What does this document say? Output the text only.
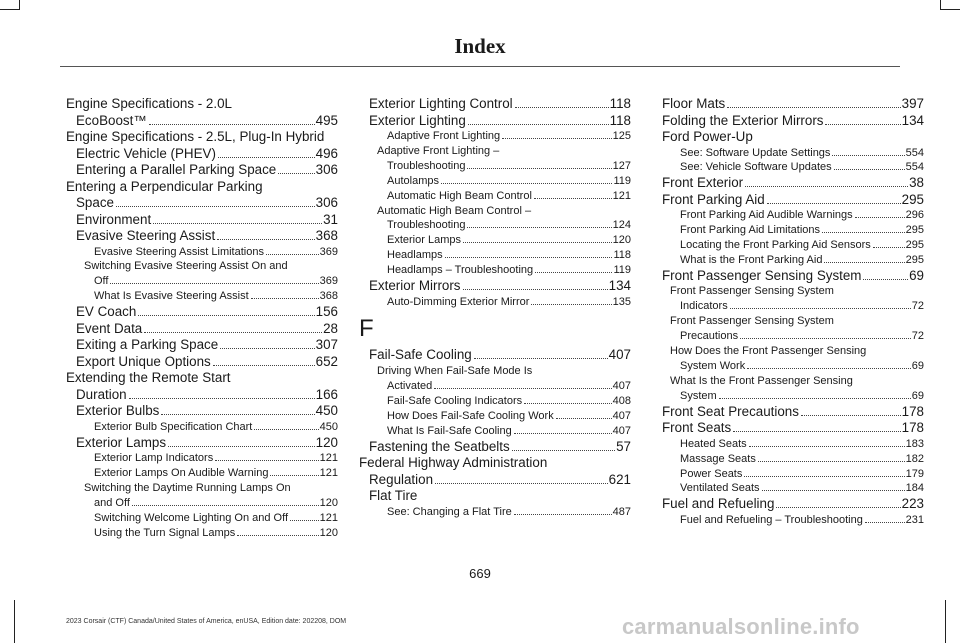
Index
Engine Specifications - 2.0L
EcoBoost™	495
Engine Specifications - 2.5L, Plug-In Hybrid
Electric Vehicle (PHEV)	496
Entering a Parallel Parking Space	306
Entering a Perpendicular Parking
Space	306
Environment	31
Evasive Steering Assist	368
Evasive Steering Assist Limitations	369
Switching Evasive Steering Assist On and
Off	369
What Is Evasive Steering Assist	368
EV Coach	156
Event Data	28
Exiting a Parking Space	307
Export Unique Options	652
Extending the Remote Start
Duration	166
Exterior Bulbs	450
Exterior Bulb Specification Chart	450
Exterior Lamps	120
Exterior Lamp Indicators	121
Exterior Lamps On Audible Warning	121
Switching the Daytime Running Lamps On
and Off	120
Switching Welcome Lighting On and Off	121
Using the Turn Signal Lamps	120
Exterior Lighting Control	118
Exterior Lighting	118
Adaptive Front Lighting	125
Adaptive Front Lighting –
Troubleshooting	127
Autolamps	119
Automatic High Beam Control	121
Automatic High Beam Control –
Troubleshooting	124
Exterior Lamps	120
Headlamps	118
Headlamps – Troubleshooting	119
Exterior Mirrors	134
Auto-Dimming Exterior Mirror	135
F
Fail-Safe Cooling	407
Driving When Fail-Safe Mode Is
Activated	407
Fail-Safe Cooling Indicators	408
How Does Fail-Safe Cooling Work	407
What Is Fail-Safe Cooling	407
Fastening the Seatbelts	57
Federal Highway Administration
Regulation	621
Flat Tire
See: Changing a Flat Tire	487
Floor Mats	397
Folding the Exterior Mirrors	134
Ford Power-Up
See: Software Update Settings	554
See: Vehicle Software Updates	554
Front Exterior	38
Front Parking Aid	295
Front Parking Aid Audible Warnings	296
Front Parking Aid Limitations	295
Locating the Front Parking Aid Sensors	295
What is the Front Parking Aid	295
Front Passenger Sensing System	69
Front Passenger Sensing System
Indicators	72
Front Passenger Sensing System
Precautions	72
How Does the Front Passenger Sensing
System Work	69
What Is the Front Passenger Sensing
System	69
Front Seat Precautions	178
Front Seats	178
Heated Seats	183
Massage Seats	182
Power Seats	179
Ventilated Seats	184
Fuel and Refueling	223
Fuel and Refueling – Troubleshooting	231
669
2023 Corsair (CTF) Canada/United States of America, enUSA, Edition date: 202208, DOM	carmanualsonline.info
